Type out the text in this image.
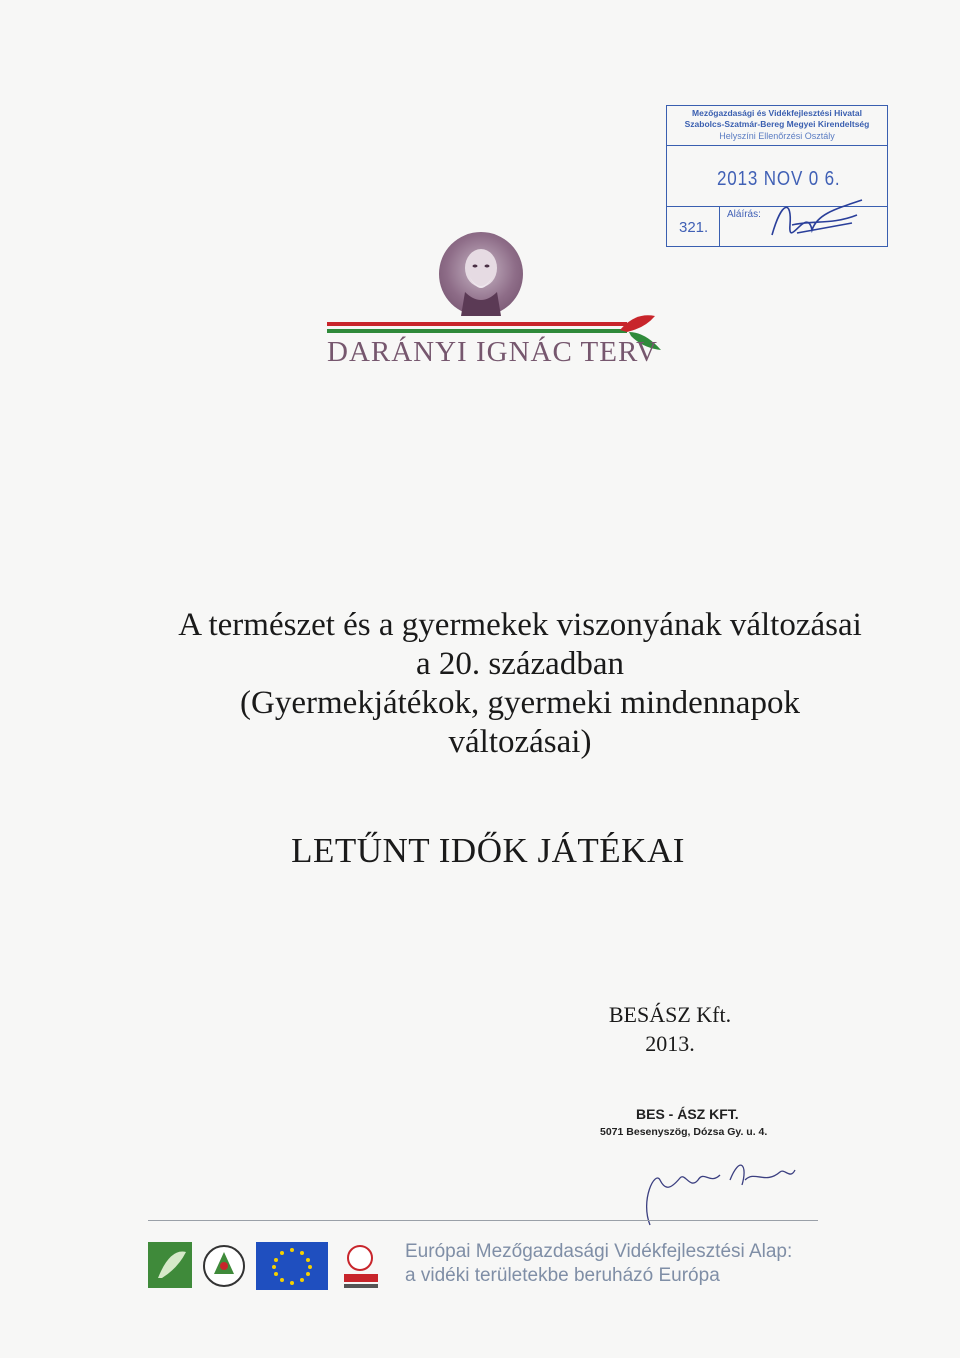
Mezőgazdasági és Vidékfejlesztési Hivatal
Szabolcs-Szatmár-Bereg Megyei Kirendeltség
Helyszíni Ellenőrzési Osztály
2013 NOV 0 6.
321.
Aláírás:
DARÁNYI IGNÁC TERV
A természet és a gyermekek viszonyának változásai
a 20. században
(Gyermekjátékok, gyermeki mindennapok
változásai)
LETŰNT IDŐK JÁTÉKAI
BESÁSZ Kft.
2013.
BES - ÁSZ KFT.
5071 Besenyszög, Dózsa Gy. u. 4.
Európai Mezőgazdasági Vidékfejlesztési Alap:
a vidéki területekbe beruházó Európa
